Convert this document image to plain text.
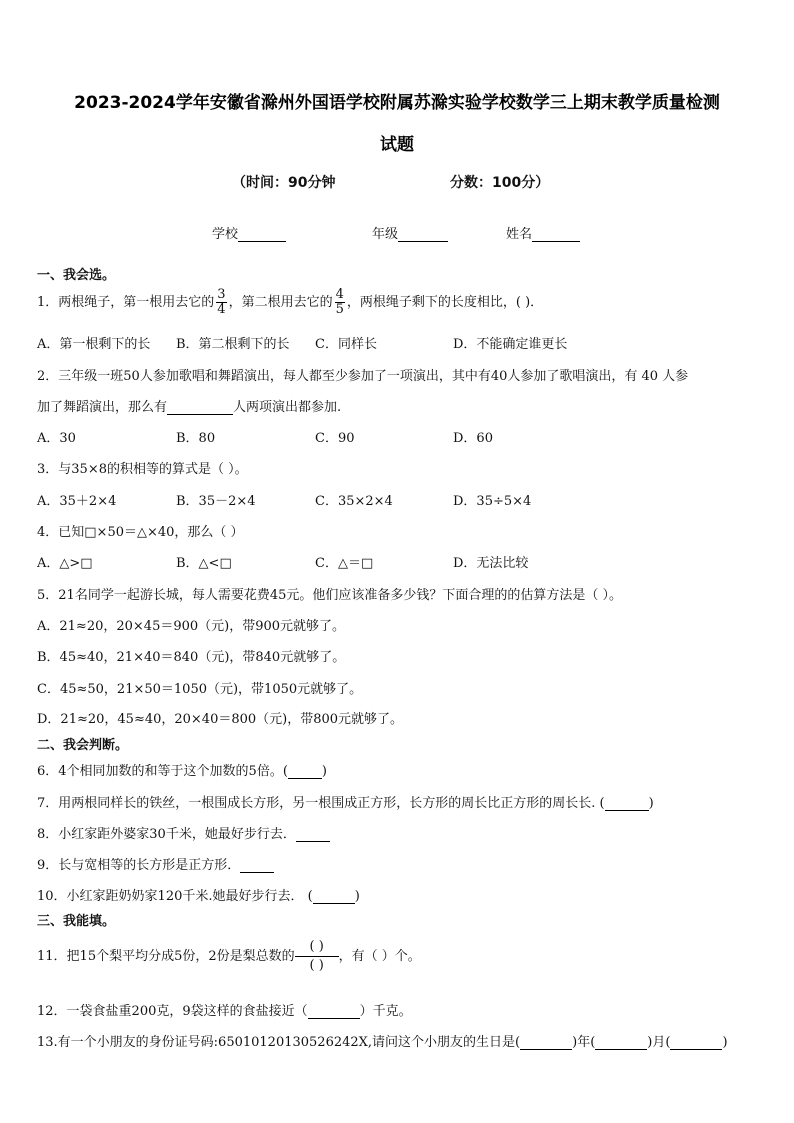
2023-2024学年安徽省滁州外国语学校附属苏滁实验学校数学三上期末教学质量检测
试题
（时间：90分钟	分数：100分）
学校	年级	姓名
一、我会选。
1．两根绳子，第一根用去它的 $\frac{3}{4}$ ，第二根用去它的 $\frac{4}{5}$ ，两根绳子剩下的长度相比，( )．
A．第一根剩下的长 B．第二根剩下的长 C．同样长	D．不能确定谁更长
2．三年级一班50人参加歌唱和舞蹈演出，每人都至少参加了一项演出，其中有40人参加了歌唱演出，有 40 人参
加了舞蹈演出，那么有	人两项演出都参加.
A．30	B．80	C．90	D．60
3．与35×8的积相等的算式是（ ）。
A．35＋2×4	B．35－2×4	C．35×2×4	D．35÷5×4
4．已知□×50＝△×40，那么（ ）
A．△>□	B．△<□	C．△＝□	D．无法比较
5．21名同学一起游长城，每人需要花费45元。他们应该准备多少钱？下面合理的的估算方法是（ ）。
A．21≈20，20×45＝900（元)，带900元就够了。
B．45≈40，21×40＝840（元)，带840元就够了。
C．45≈50，21×50＝1050（元)，带1050元就够了。
D．21≈20，45≈40，20×40＝800（元)，带800元就够了。
二、我会判断。
6．4个相同加数的和等于这个加数的5倍。(	)
7．用两根同样长的铁丝，一根围成长方形，另一根围成正方形，长方形的周长比正方形的周长长. (	)
8．小红家距外婆家30千米，她最好步行去．
9．长与宽相等的长方形是正方形．
10．小红家距奶奶家120千米.她最好步行去． (	)
三、我能填。
11．把15个梨平均分成5份，2份是梨总数的 $\frac{( )}{( )}$ ，有（ ）个。
12．一袋食盐重200克，9袋这样的食盐接近（	）千克。
13.有一个小朋友的身份证号码:65010120130526242X,请问这个小朋友的生日是(	)年(	)月(	)
